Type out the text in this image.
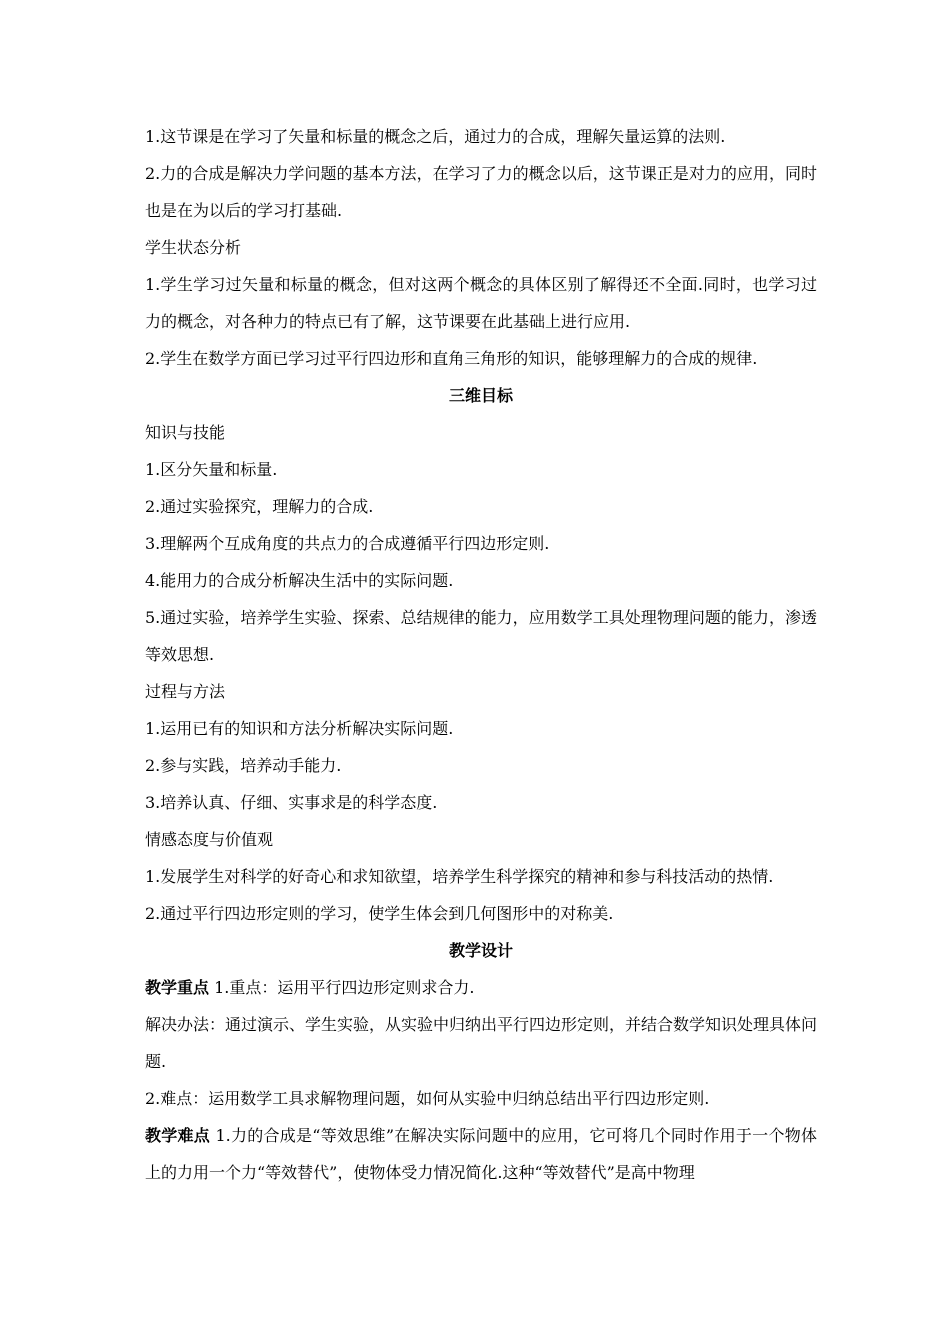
1.这节课是在学习了矢量和标量的概念之后，通过力的合成，理解矢量运算的法则.

2.力的合成是解决力学问题的基本方法，在学习了力的概念以后，这节课正是对力的应用，同时也是在为以后的学习打基础.

学生状态分析

1.学生学习过矢量和标量的概念，但对这两个概念的具体区别了解得还不全面.同时，也学习过力的概念，对各种力的特点已有了解，这节课要在此基础上进行应用.

2.学生在数学方面已学习过平行四边形和直角三角形的知识，能够理解力的合成的规律.

三维目标

知识与技能

1.区分矢量和标量.

2.通过实验探究，理解力的合成.

3.理解两个互成角度的共点力的合成遵循平行四边形定则.

4.能用力的合成分析解决生活中的实际问题.

5.通过实验，培养学生实验、探索、总结规律的能力，应用数学工具处理物理问题的能力，渗透等效思想.

过程与方法

1.运用已有的知识和方法分析解决实际问题.

2.参与实践，培养动手能力.

3.培养认真、仔细、实事求是的科学态度.

情感态度与价值观

1.发展学生对科学的好奇心和求知欲望，培养学生科学探究的精神和参与科技活动的热情.

2.通过平行四边形定则的学习，使学生体会到几何图形中的对称美.

教学设计

教学重点 1.重点：运用平行四边形定则求合力.

解决办法：通过演示、学生实验，从实验中归纳出平行四边形定则，并结合数学知识处理具体问题.

2.难点：运用数学工具求解物理问题，如何从实验中归纳总结出平行四边形定则.

教学难点 1.力的合成是“等效思维”在解决实际问题中的应用，它可将几个同时作用于一个物体上的力用一个力“等效替代”，使物体受力情况简化.这种“等效替代”是高中物理
